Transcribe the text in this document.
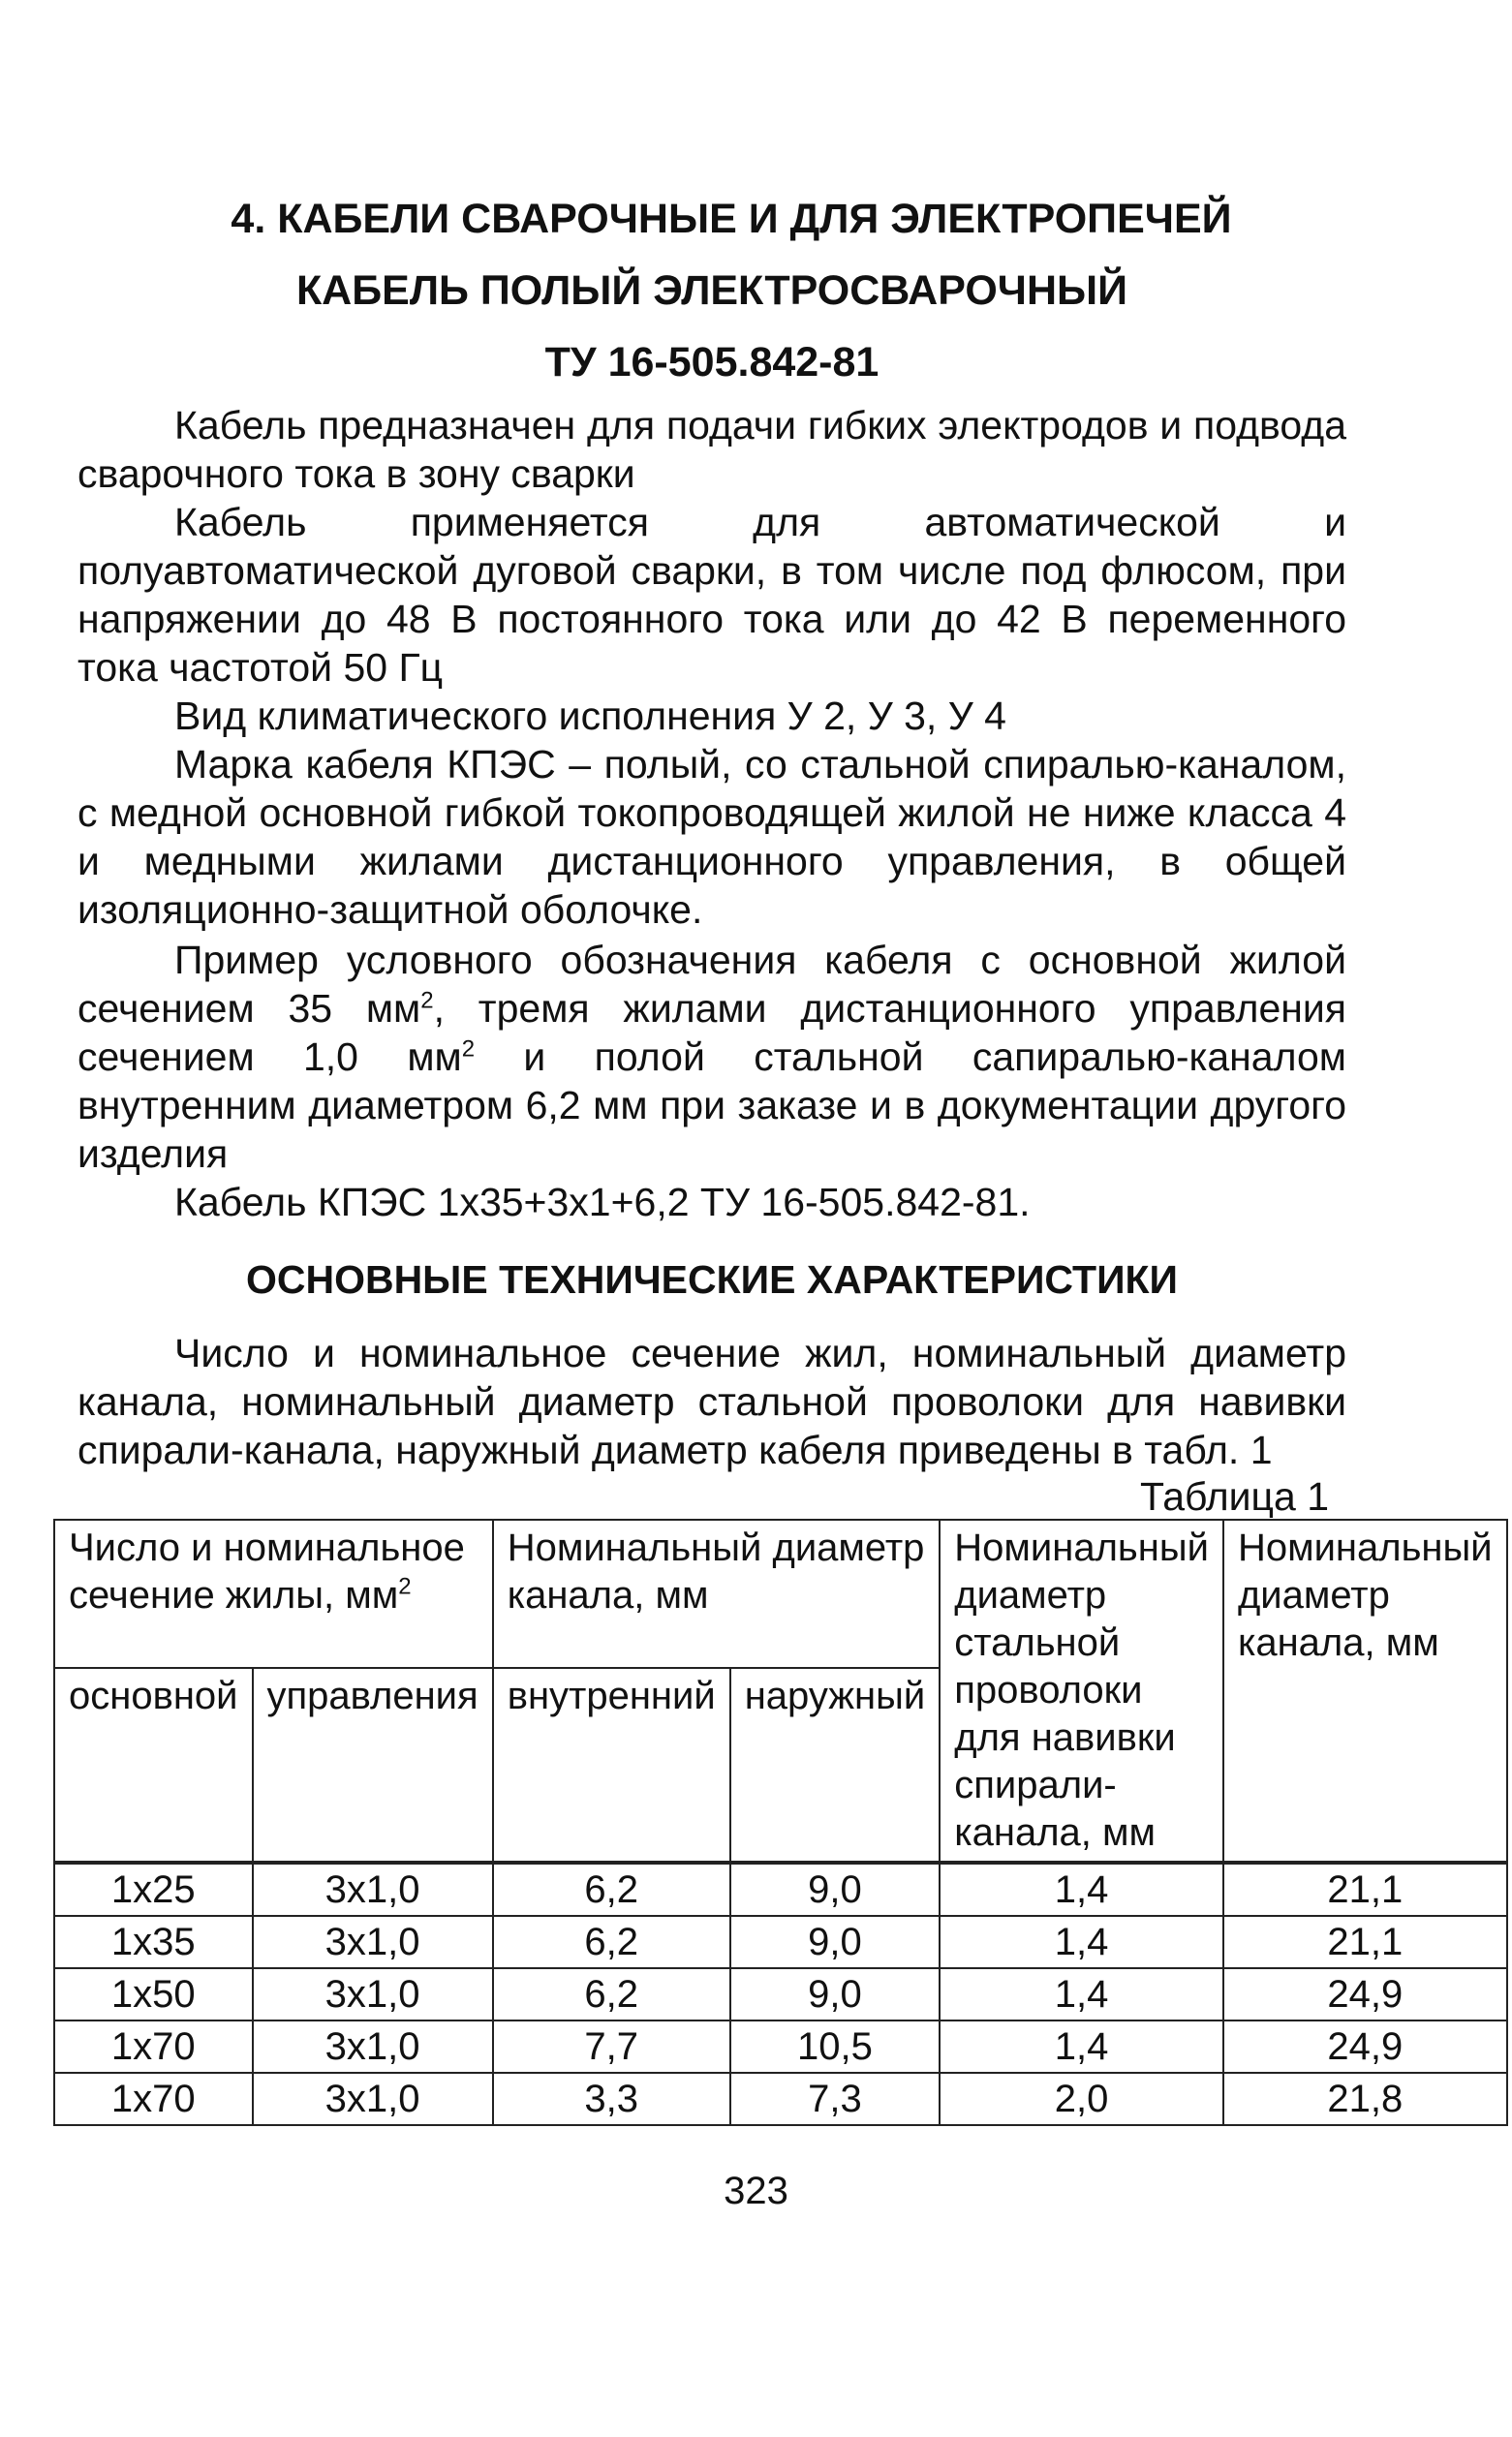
4. КАБЕЛИ СВАРОЧНЫЕ И ДЛЯ ЭЛЕКТРОПЕЧЕЙ
КАБЕЛЬ ПОЛЫЙ ЭЛЕКТРОСВАРОЧНЫЙ
ТУ 16-505.842-81

Кабель предназначен для подачи гибких электродов и подвода сварочного тока в зону сварки

Кабель применяется для автоматической и полуавтоматической дуговой сварки, в том числе под флюсом, при напряжении до 48 В постоянного тока или до 42 В переменного тока частотой 50 Гц

Вид климатического исполнения У 2, У 3, У 4

Марка кабеля КПЭС – полый, со стальной спиралью-каналом, с медной основной гибкой токопроводящей жилой не ниже класса 4 и медными жилами дистанционного управления, в общей изоляционно-защитной оболочке.

Пример условного обозначения кабеля с основной жилой сечением 35 $мм^2$, тремя жилами дистанционного управления сечением 1,0 $мм^2$ и полой стальной сапиралью-каналом внутренним диаметром 6,2 мм при заказе и в документации другого изделия

Кабель КПЭС 1х35+3х1+6,2 ТУ 16-505.842-81.

ОСНОВНЫЕ ТЕХНИЧЕСКИЕ ХАРАКТЕРИСТИКИ

Число и номинальное сечение жил, номинальный диаметр канала, номинальный диаметр стальной проволоки для навивки спирали-канала, наружный диаметр кабеля приведены в табл. 1

Таблица 1
Число и номинальное сечение жилы, $мм^2$		Номинальный диаметр канала, мм		Номинальный диаметр стальной проволоки для навивки спирали-канала, мм	Номинальный диаметр канала, мм
основной	управления	внутренний	наружный		
1х25	3х1,0	6,2	9,0	1,4	21,1
1х35	3х1,0	6,2	9,0	1,4	21,1
1х50	3х1,0	6,2	9,0	1,4	24,9
1х70	3х1,0	7,7	10,5	1,4	24,9
1х70	3х1,0	3,3	7,3	2,0	21,8
323
